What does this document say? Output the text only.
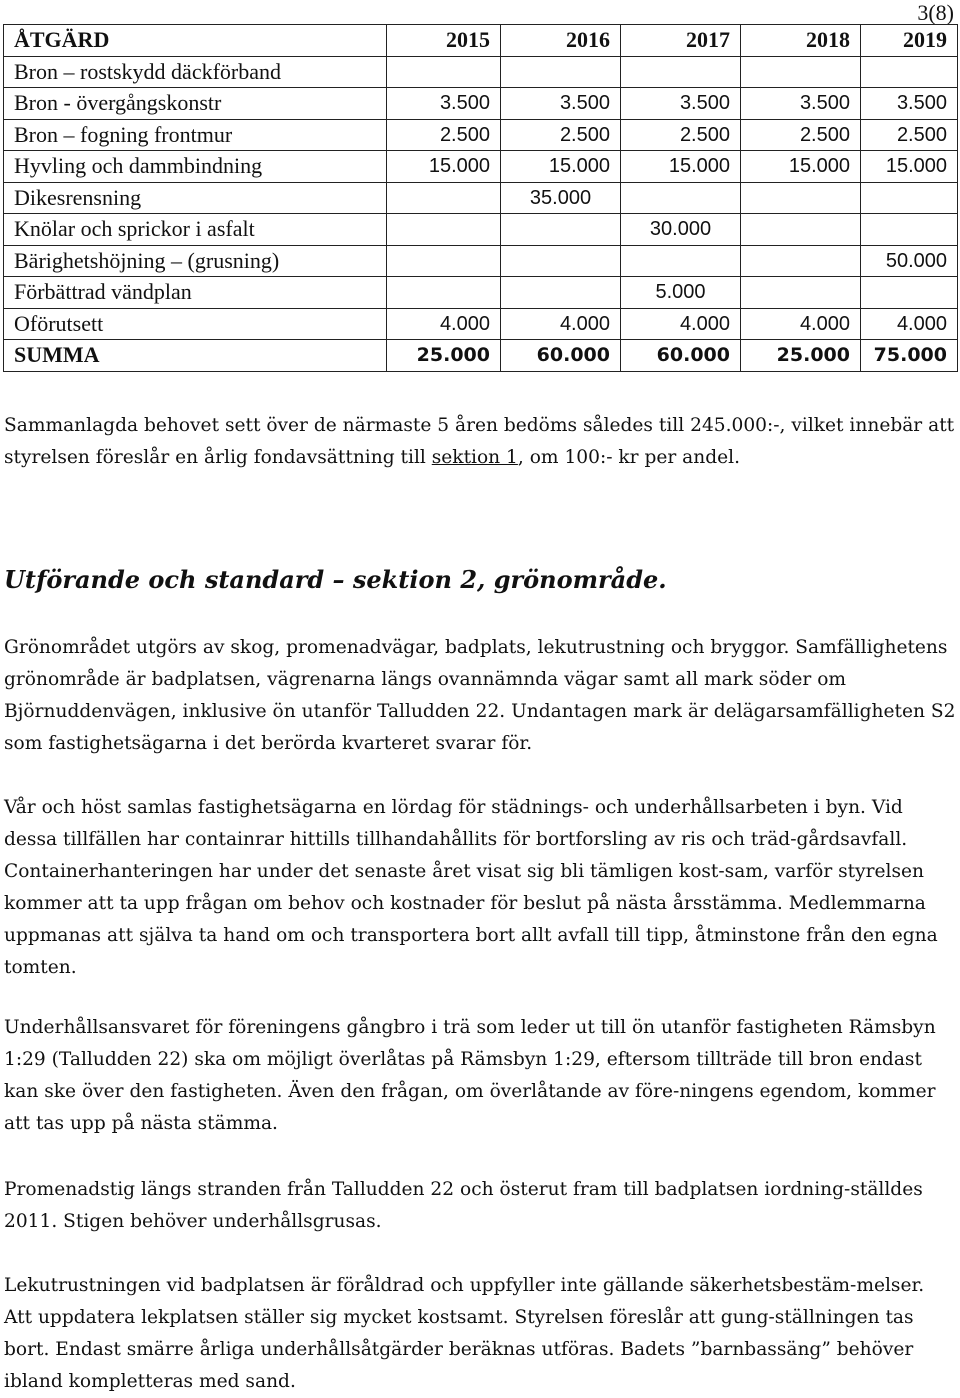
3(8)
ÅTGÄRD	2015	2016	2017	2018	2019
Bron – rostskydd däckförband					
Bron - övergångskonstr	3.500	3.500	3.500	3.500	3.500
Bron – fogning frontmur	2.500	2.500	2.500	2.500	2.500
Hyvling och dammbindning	15.000	15.000	15.000	15.000	15.000
Dikesrensning		35.000			
Knölar och sprickor i asfalt			30.000		
Bärighetshöjning – (grusning)					50.000
Förbättrad vändplan			5.000		
Oförutsett	4.000	4.000	4.000	4.000	4.000
SUMMA	25.000	60.000	60.000	25.000	75.000

Sammanlagda behovet sett över de närmaste 5 åren bedöms således till 245.000:-, vilket innebär att styrelsen föreslår en årlig fondavsättning till sektion 1, om 100:- kr per andel.

Utförande och standard – sektion 2, grönområde.

Grönområdet utgörs av skog, promenadvägar, badplats, lekutrustning och bryggor. Samfällighetens grönområde är badplatsen, vägrenarna längs ovannämnda vägar samt all mark söder om Björnuddenvägen, inklusive ön utanför Talludden 22. Undantagen mark är delägarsamfälligheten S2 som fastighetsägarna i det berörda kvarteret svarar för.

Vår och höst samlas fastighetsägarna en lördag för städnings- och underhållsarbeten i byn. Vid dessa tillfällen har containrar hittills tillhandahållits för bortforsling av ris och träd-gårdsavfall. Containerhanteringen har under det senaste året visat sig bli tämligen kost-sam, varför styrelsen kommer att ta upp frågan om behov och kostnader för beslut på nästa årsstämma. Medlemmarna uppmanas att själva ta hand om och transportera bort allt avfall till tipp, åtminstone från den egna tomten.

Underhållsansvaret för föreningens gångbro i trä som leder ut till ön utanför fastigheten Rämsbyn 1:29 (Talludden 22) ska om möjligt överlåtas på Rämsbyn 1:29, eftersom tillträde till bron endast kan ske över den fastigheten. Även den frågan, om överlåtande av före-ningens egendom, kommer att tas upp på nästa stämma.

Promenadstig längs stranden från Talludden 22 och österut fram till badplatsen iordning-ställdes 2011. Stigen behöver underhållsgrusas.

Lekutrustningen vid badplatsen är föråldrad och uppfyller inte gällande säkerhetsbestäm-melser. Att uppdatera lekplatsen ställer sig mycket kostsamt. Styrelsen föreslår att gung-ställningen tas bort. Endast smärre årliga underhållsåtgärder beräknas utföras. Badets ”barnbassäng” behöver ibland kompletteras med sand.
